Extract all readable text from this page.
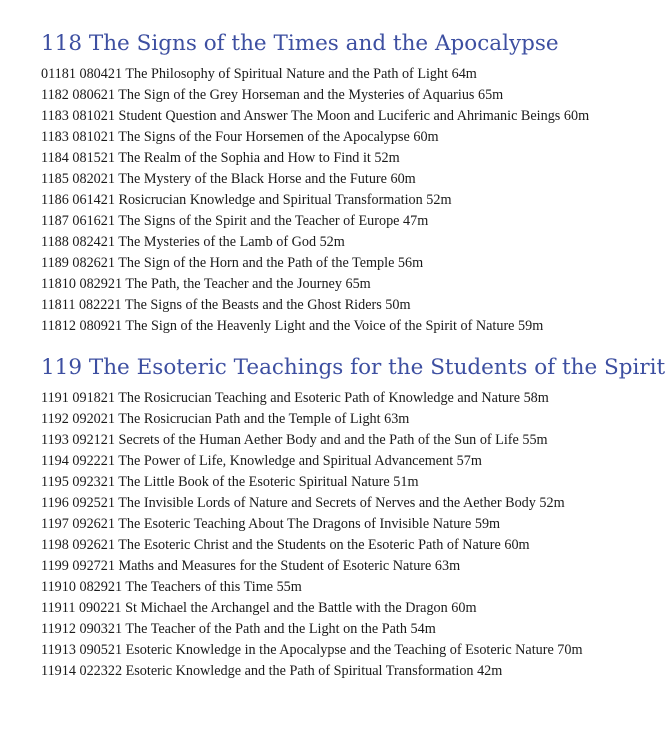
118 The Signs of the Times and the Apocalypse
01181 080421 The Philosophy of Spiritual Nature and the Path of Light 64m
1182 080621 The Sign of the Grey Horseman and the Mysteries of Aquarius 65m
1183 081021 Student Question and Answer The Moon and Luciferic and Ahrimanic Beings 60m
1183 081021 The Signs of the Four Horsemen of the Apocalypse 60m
1184 081521 The Realm of the Sophia and How to Find it 52m
1185 082021 The Mystery of the Black Horse and the Future 60m
1186 061421 Rosicrucian Knowledge and Spiritual Transformation 52m
1187 061621 The Signs of the Spirit and the Teacher of Europe 47m
1188 082421 The Mysteries of the Lamb of God 52m
1189 082621 The Sign of the Horn and the Path of the Temple 56m
11810 082921 The Path, the Teacher and the Journey 65m
11811 082221 The Signs of the Beasts and the Ghost Riders 50m
11812 080921 The Sign of the Heavenly Light and the Voice of the Spirit of Nature 59m
119 The Esoteric Teachings for the Students of the Spirit
1191 091821 The Rosicrucian Teaching and Esoteric Path of Knowledge and Nature 58m
1192 092021 The Rosicrucian Path and the Temple of Light 63m
1193 092121 Secrets of the Human Aether Body and and the Path of the Sun of Life 55m
1194 092221 The Power of Life, Knowledge and Spiritual Advancement 57m
1195 092321 The Little Book of the Esoteric Spiritual Nature 51m
1196 092521 The Invisible Lords of Nature and Secrets of Nerves and the Aether Body 52m
1197 092621 The Esoteric Teaching About The Dragons of Invisible Nature 59m
1198 092621 The Esoteric Christ and the Students on the Esoteric Path of Nature 60m
1199 092721 Maths and Measures for the Student of Esoteric Nature 63m
11910 082921 The Teachers of this Time 55m
11911 090221 St Michael the Archangel and the Battle with the Dragon 60m
11912 090321 The Teacher of the Path and the Light on the Path 54m
11913 090521 Esoteric Knowledge in the Apocalypse and the Teaching of Esoteric Nature 70m
11914 022322 Esoteric Knowledge and the Path of Spiritual Transformation 42m
